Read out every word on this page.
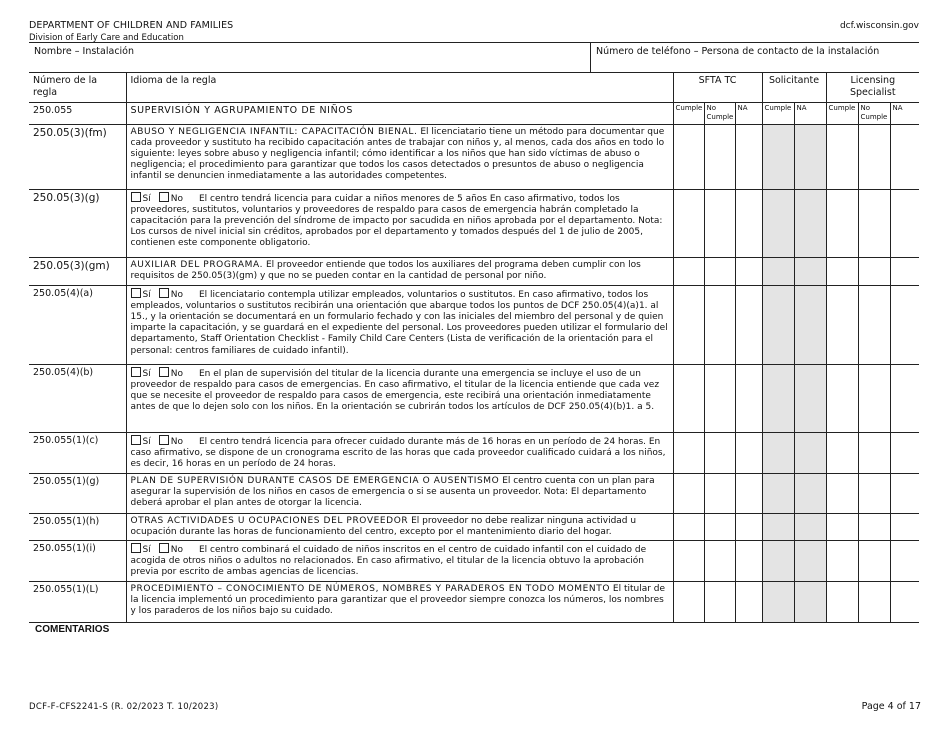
DEPARTMENT OF CHILDREN AND FAMILIES
Division of Early Care and Education
dcf.wisconsin.gov
Nombre – Instalación	Número de teléfono – Persona de contacto de la instalación
Número de la regla	Idioma de la regla	SFTA TC			Solicitante		Licensing Specialist		
250.055	SUPERVISIÓN Y AGRUPAMIENTO DE NIÑOS	Cumple	No Cumple	NA	Cumple	NA	Cumple	No Cumple	NA
250.05(3)(fm)	ABUSO Y NEGLIGENCIA INFANTIL: CAPACITACIÓN BIENAL. El licenciatario tiene un método para documentar que cada proveedor y sustituto ha recibido capacitación antes de trabajar con niños y, al menos, cada dos años en todo lo siguiente: leyes sobre abuso y negligencia infantil; cómo identificar a los niños que han sido víctimas de abuso o negligencia; el procedimiento para garantizar que todos los casos detectados o presuntos de abuso o negligencia infantil se denuncien inmediatamente a las autoridades competentes.								
250.05(3)(g)	Sí No El centro tendrá licencia para cuidar a niños menores de 5 años En caso afirmativo, todos los proveedores, sustitutos, voluntarios y proveedores de respaldo para casos de emergencia habrán completado la capacitación para la prevención del síndrome de impacto por sacudida en niños aprobada por el departamento. Nota: Los cursos de nivel inicial sin créditos, aprobados por el departamento y tomados después del 1 de julio de 2005, contienen este componente obligatorio.								
250.05(3)(gm)	AUXILIAR DEL PROGRAMA. El proveedor entiende que todos los auxiliares del programa deben cumplir con los requisitos de 250.05(3)(gm) y que no se pueden contar en la cantidad de personal por niño.								
250.05(4)(a)	Sí No El licenciatario contempla utilizar empleados, voluntarios o sustitutos. En caso afirmativo, todos los empleados, voluntarios o sustitutos recibirán una orientación que abarque todos los puntos de DCF 250.05(4)(a)1. al 15., y la orientación se documentará en un formulario fechado y con las iniciales del miembro del personal y de quien imparte la capacitación, y se guardará en el expediente del personal. Los proveedores pueden utilizar el formulario del departamento, Staff Orientation Checklist - Family Child Care Centers (Lista de verificación de la orientación para el personal: centros familiares de cuidado infantil).								
250.05(4)(b)	Sí No En el plan de supervisión del titular de la licencia durante una emergencia se incluye el uso de un proveedor de respaldo para casos de emergencias. En caso afirmativo, el titular de la licencia entiende que cada vez que se necesite el proveedor de respaldo para casos de emergencia, este recibirá una orientación inmediatamente antes de que lo dejen solo con los niños. En la orientación se cubrirán todos los artículos de DCF 250.05(4)(b)1. a 5.								
250.055(1)(c)	Sí No El centro tendrá licencia para ofrecer cuidado durante más de 16 horas en un período de 24 horas. En caso afirmativo, se dispone de un cronograma escrito de las horas que cada proveedor cualificado cuidará a los niños, es decir, 16 horas en un período de 24 horas.								
250.055(1)(g)	PLAN DE SUPERVISIÓN DURANTE CASOS DE EMERGENCIA O AUSENTISMO El centro cuenta con un plan para asegurar la supervisión de los niños en casos de emergencia o si se ausenta un proveedor. Nota: El departamento deberá aprobar el plan antes de otorgar la licencia.								
250.055(1)(h)	OTRAS ACTIVIDADES U OCUPACIONES DEL PROVEEDOR El proveedor no debe realizar ninguna actividad u ocupación durante las horas de funcionamiento del centro, excepto por el mantenimiento diario del hogar.								
250.055(1)(i)	Sí No El centro combinará el cuidado de niños inscritos en el centro de cuidado infantil con el cuidado de acogida de otros niños o adultos no relacionados. En caso afirmativo, el titular de la licencia obtuvo la aprobación previa por escrito de ambas agencias de licencias.								
250.055(1)(L)	PROCEDIMIENTO – CONOCIMIENTO DE NÚMEROS, NOMBRES Y PARADEROS EN TODO MOMENTO El titular de la licencia implementó un procedimiento para garantizar que el proveedor siempre conozca los números, los nombres y los paraderos de los niños bajo su cuidado.								
COMENTARIOS
DCF-F-CFS2241-S (R. 02/2023 T. 10/2023)	Page 4 of 17
